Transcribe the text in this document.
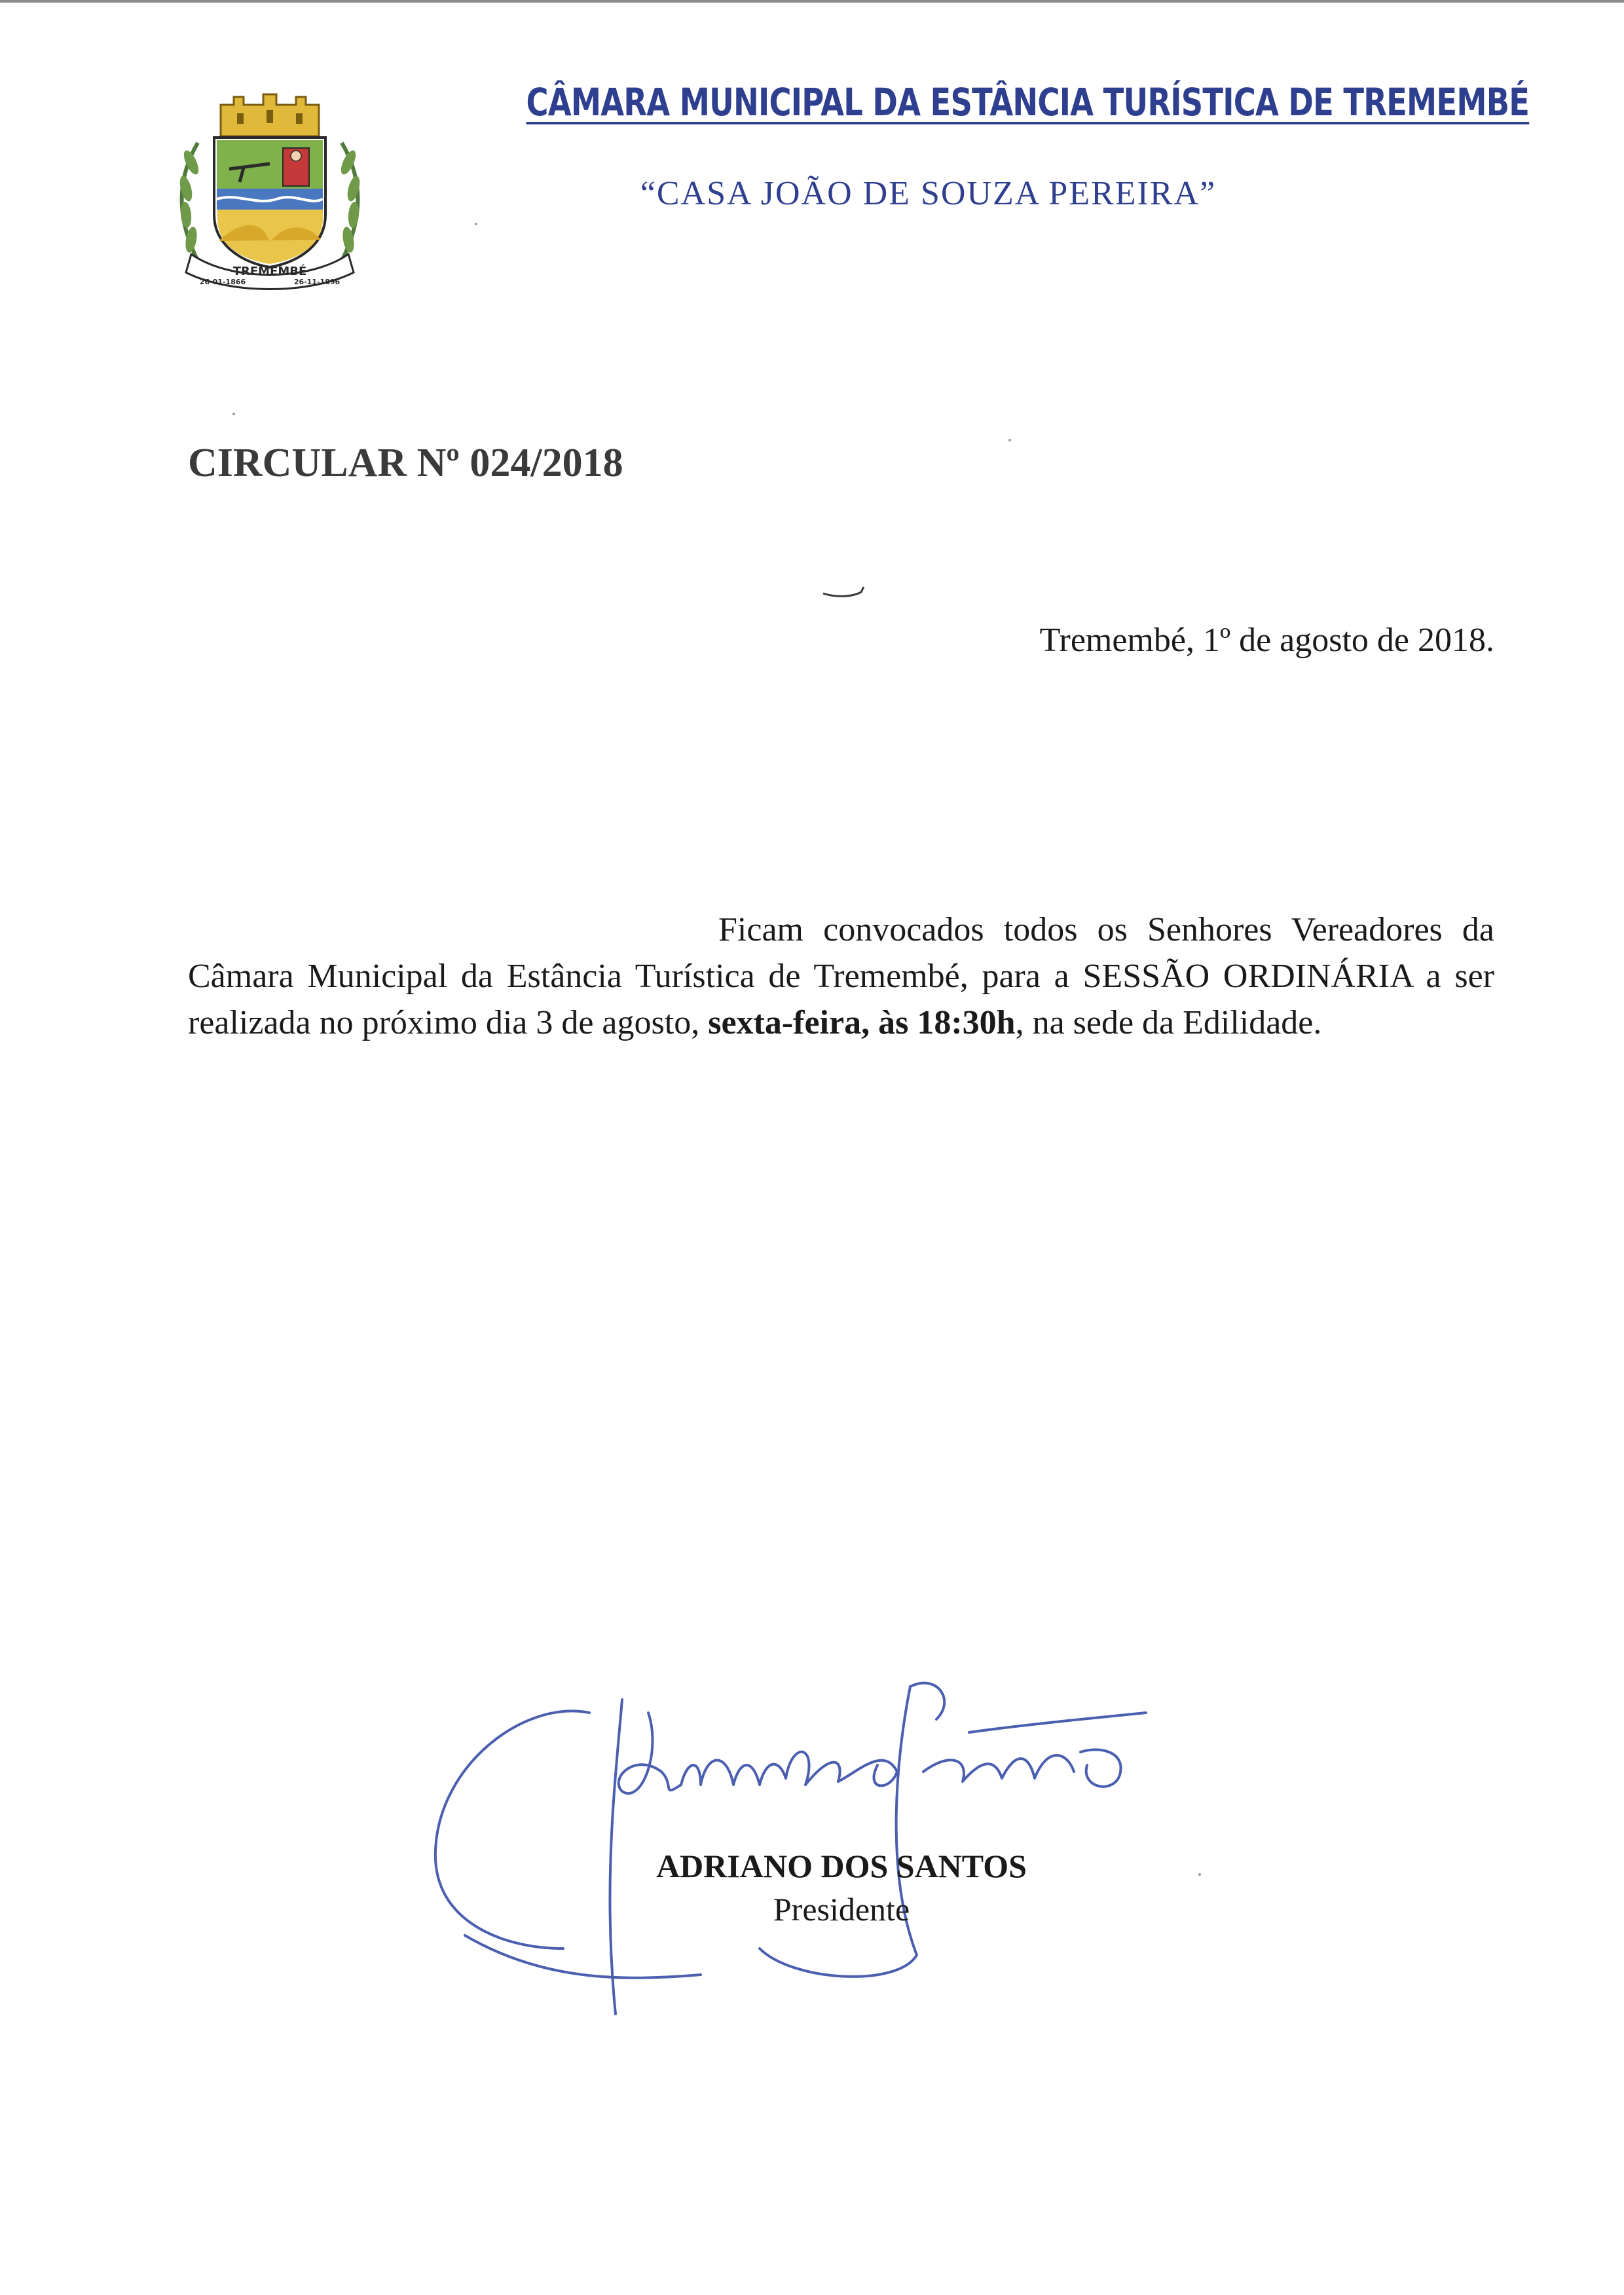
TREMEMBÉ
26-01-1866	26-11-1896
CÂMARA MUNICIPAL DA ESTÂNCIA TURÍSTICA DE TREMEMBÉ
“CASA JOÃO DE SOUZA PEREIRA”
CIRCULAR Nº 024/2018
Tremembé, 1º de agosto de 2018.

Ficam convocados todos os Senhores Vereadores da Câmara Municipal da Estância Turística de Tremembé, para a SESSÃO ORDINÁRIA a ser realizada no próximo dia 3 de agosto, sexta-feira, às 18:30h, na sede da Edilidade.

ADRIANO DOS SANTOS
Presidente
